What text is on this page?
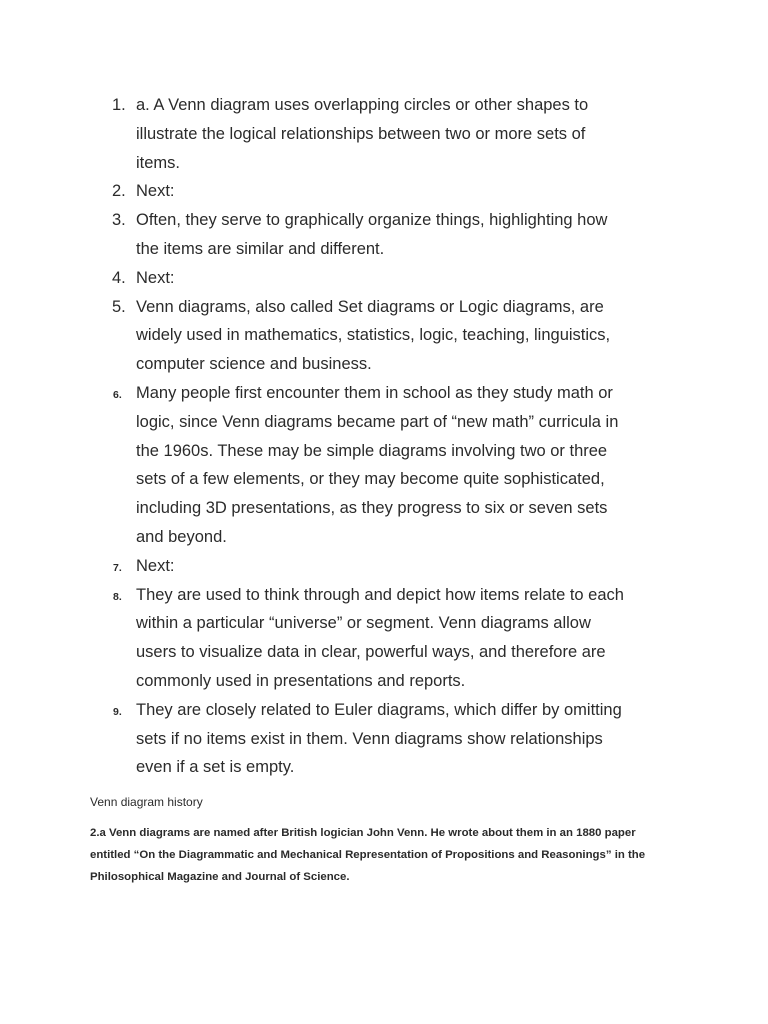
1. a. A Venn diagram uses overlapping circles or other shapes to
illustrate the logical relationships between two or more sets of
items.
2. Next:
3. Often, they serve to graphically organize things, highlighting how
the items are similar and different.
4. Next:
5. Venn diagrams, also called Set diagrams or Logic diagrams, are
widely used in mathematics, statistics, logic, teaching, linguistics,
computer science and business.
6. Many people first encounter them in school as they study math or
logic, since Venn diagrams became part of “new math” curricula in
the 1960s. These may be simple diagrams involving two or three
sets of a few elements, or they may become quite sophisticated,
including 3D presentations, as they progress to six or seven sets
and beyond.
7. Next:
8. They are used to think through and depict how items relate to each
within a particular “universe” or segment. Venn diagrams allow
users to visualize data in clear, powerful ways, and therefore are
commonly used in presentations and reports.
9. They are closely related to Euler diagrams, which differ by omitting
sets if no items exist in them. Venn diagrams show relationships
even if a set is empty.
Venn diagram history
2.a Venn diagrams are named after British logician John Venn. He wrote about them in an 1880 paper
entitled “On the Diagrammatic and Mechanical Representation of Propositions and Reasonings” in the
Philosophical Magazine and Journal of Science.
